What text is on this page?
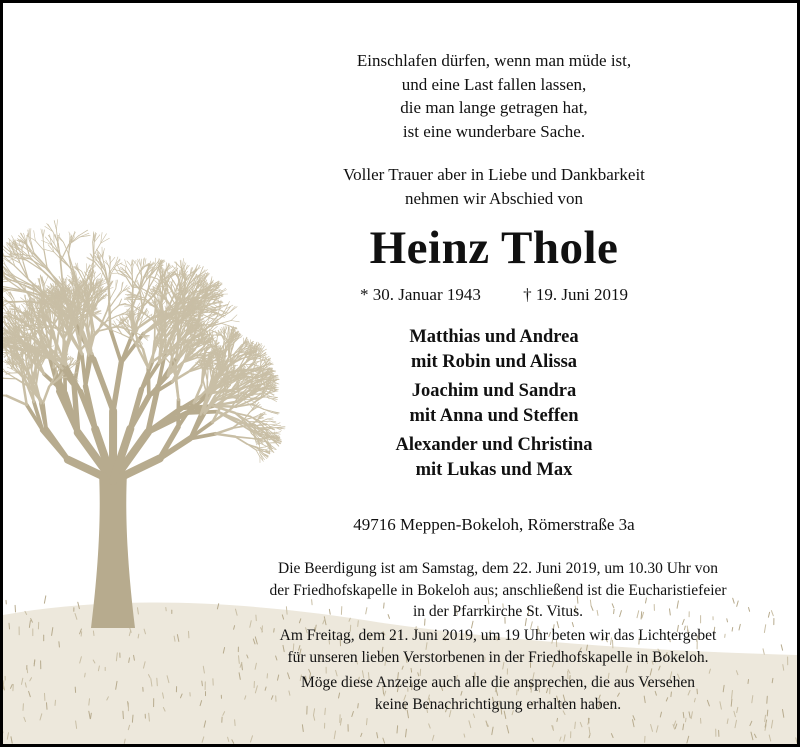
Einschlafen dürfen, wenn man müde ist,
und eine Last fallen lassen,
die man lange getragen hat,
ist eine wunderbare Sache.
Voller Trauer aber in Liebe und Dankbarkeit
nehmen wir Abschied von
Heinz Thole
* 30. Januar 1943 † 19. Juni 2019
Matthias und Andrea
mit Robin und Alissa
Joachim und Sandra
mit Anna und Steffen
Alexander und Christina
mit Lukas und Max
49716 Meppen-Bokeloh, Römerstraße 3a
Die Beerdigung ist am Samstag, dem 22. Juni 2019, um 10.30 Uhr von
der Friedhofskapelle in Bokeloh aus; anschließend ist die Eucharistiefeier
in der Pfarrkirche St. Vitus.
Am Freitag, dem 21. Juni 2019, um 19 Uhr beten wir das Lichtergebet
für unseren lieben Verstorbenen in der Friedhofskapelle in Bokeloh.
Möge diese Anzeige auch alle die ansprechen, die aus Versehen
keine Benachrichtigung erhalten haben.
